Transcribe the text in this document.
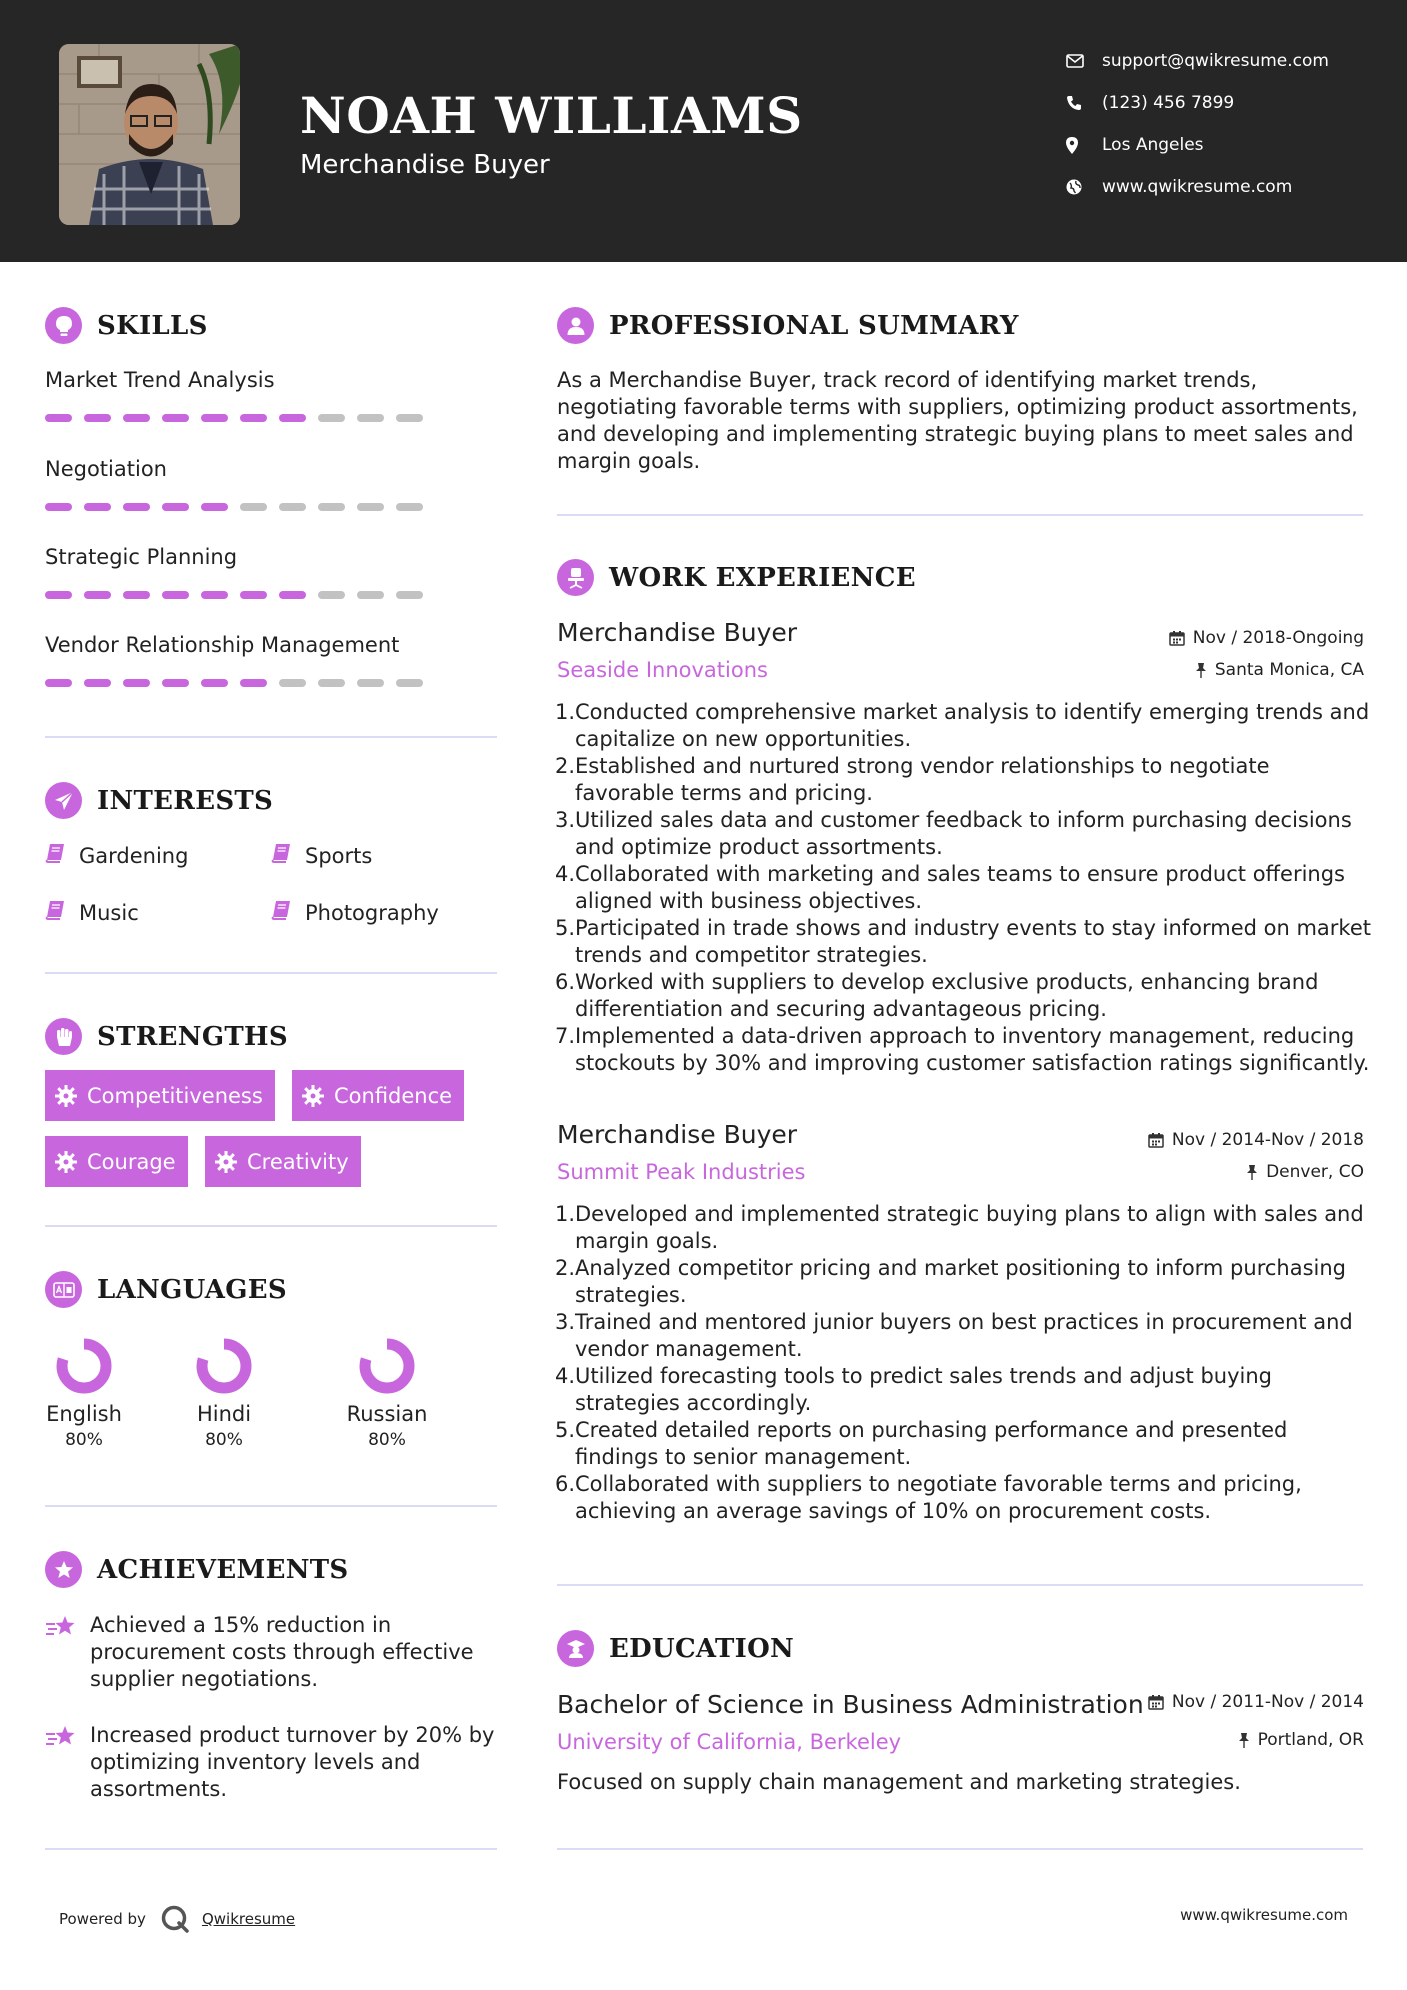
NOAH WILLIAMS
Merchandise Buyer
support@qwikresume.com
(123) 456 7899
Los Angeles
www.qwikresume.com
SKILLS
Market Trend Analysis
Negotiation
Strategic Planning
Vendor Relationship Management
INTERESTS
Gardening	Sports
Music	Photography
STRENGTHS
Competitiveness	Confidence
Courage	Creativity
LANGUAGES
English
80%
Hindi
80%
Russian
80%
ACHIEVEMENTS

Achieved a 15% reduction in procurement costs through effective supplier negotiations.

Increased product turnover by 20% by optimizing inventory levels and assortments.

PROFESSIONAL SUMMARY

As a Merchandise Buyer, track record of identifying market trends, negotiating favorable terms with suppliers, optimizing product assortments, and developing and implementing strategic buying plans to meet sales and margin goals.

WORK EXPERIENCE
Merchandise Buyer
Seaside Innovations
Nov / 2018-Ongoing
Santa Monica, CA
1. Conducted comprehensive market analysis to identify emerging trends and capitalize on new opportunities.
2. Established and nurtured strong vendor relationships to negotiate favorable terms and pricing.
3. Utilized sales data and customer feedback to inform purchasing decisions and optimize product assortments.
4. Collaborated with marketing and sales teams to ensure product offerings aligned with business objectives.
5. Participated in trade shows and industry events to stay informed on market trends and competitor strategies.
6. Worked with suppliers to develop exclusive products, enhancing brand differentiation and securing advantageous pricing.
7. Implemented a data-driven approach to inventory management, reducing stockouts by 30% and improving customer satisfaction ratings significantly.
Merchandise Buyer
Summit Peak Industries
Nov / 2014-Nov / 2018
Denver, CO
1. Developed and implemented strategic buying plans to align with sales and margin goals.
2. Analyzed competitor pricing and market positioning to inform purchasing strategies.
3. Trained and mentored junior buyers on best practices in procurement and vendor management.
4. Utilized forecasting tools to predict sales trends and adjust buying strategies accordingly.
5. Created detailed reports on purchasing performance and presented findings to senior management.
6. Collaborated with suppliers to negotiate favorable terms and pricing, achieving an average savings of 10% on procurement costs.
EDUCATION
Bachelor of Science in Business Administration
University of California, Berkeley
Nov / 2011-Nov / 2014
Portland, OR
Focused on supply chain management and marketing strategies.
Powered by	Qwikresume	www.qwikresume.com
